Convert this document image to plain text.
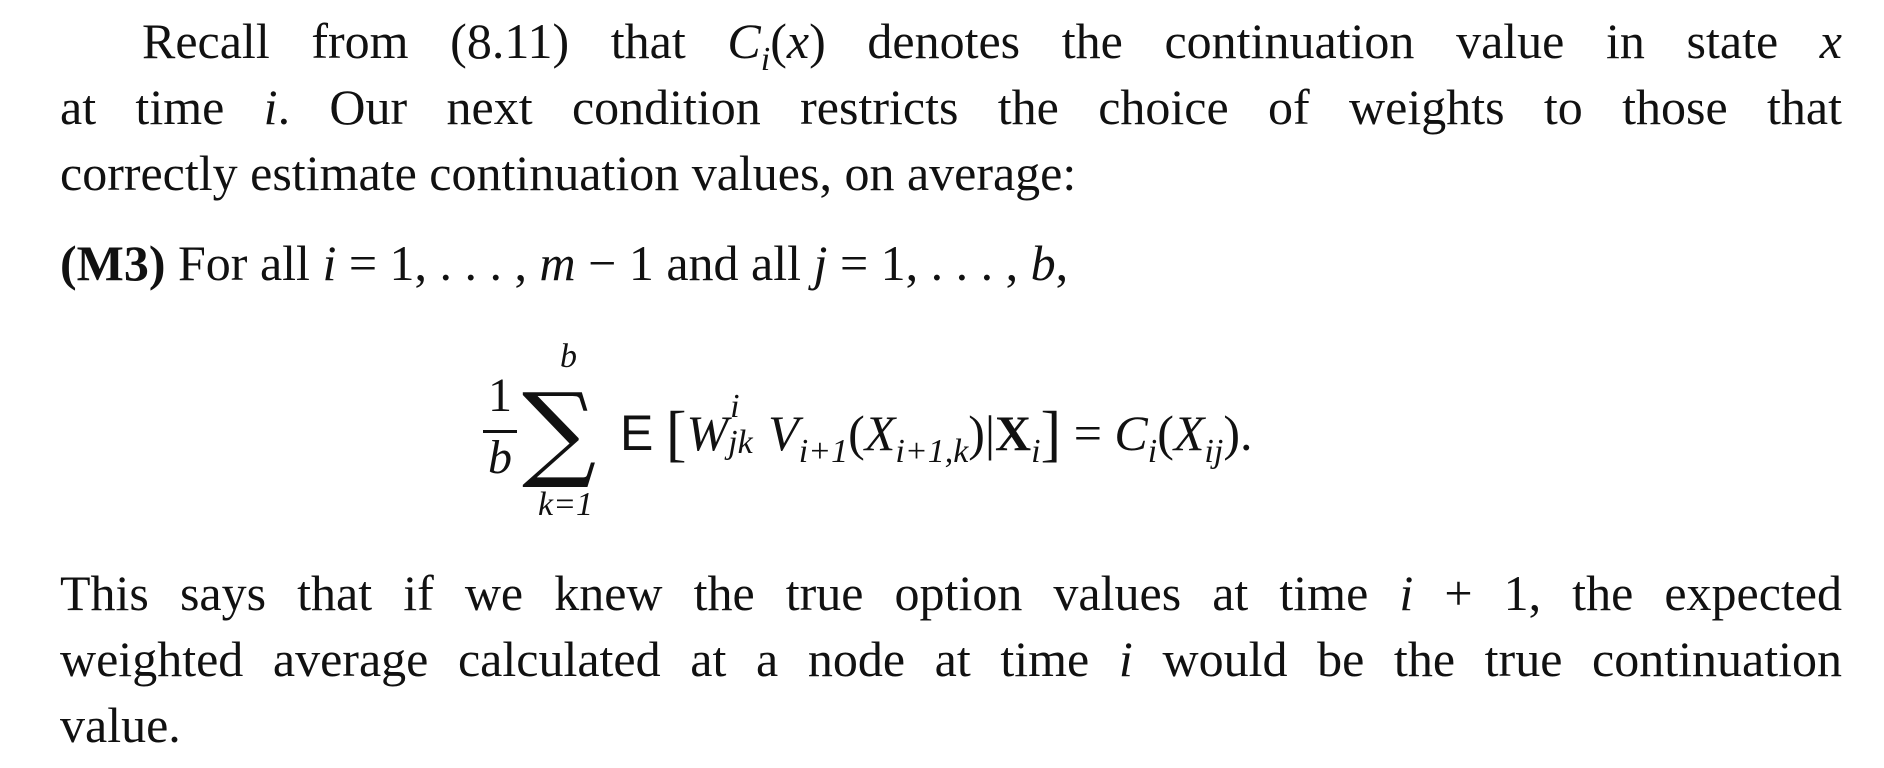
Recall from (8.11) that $C_i(x)$ denotes the continuation value in state x
at time i. Our next condition restricts the choice of weights to those that
correctly estimate continuation values, on average:
(M3) For all i = 1, . . . , m − 1 and all j = 1, . . . , b,
1
b
b
∑
k=1
E [W i
jk $V_{i+1}(X_{i+1,k})|X_i] = C_i(X_{ij})$.
This says that if we knew the true option values at time i + 1, the expected
weighted average calculated at a node at time i would be the true continuation
value.
